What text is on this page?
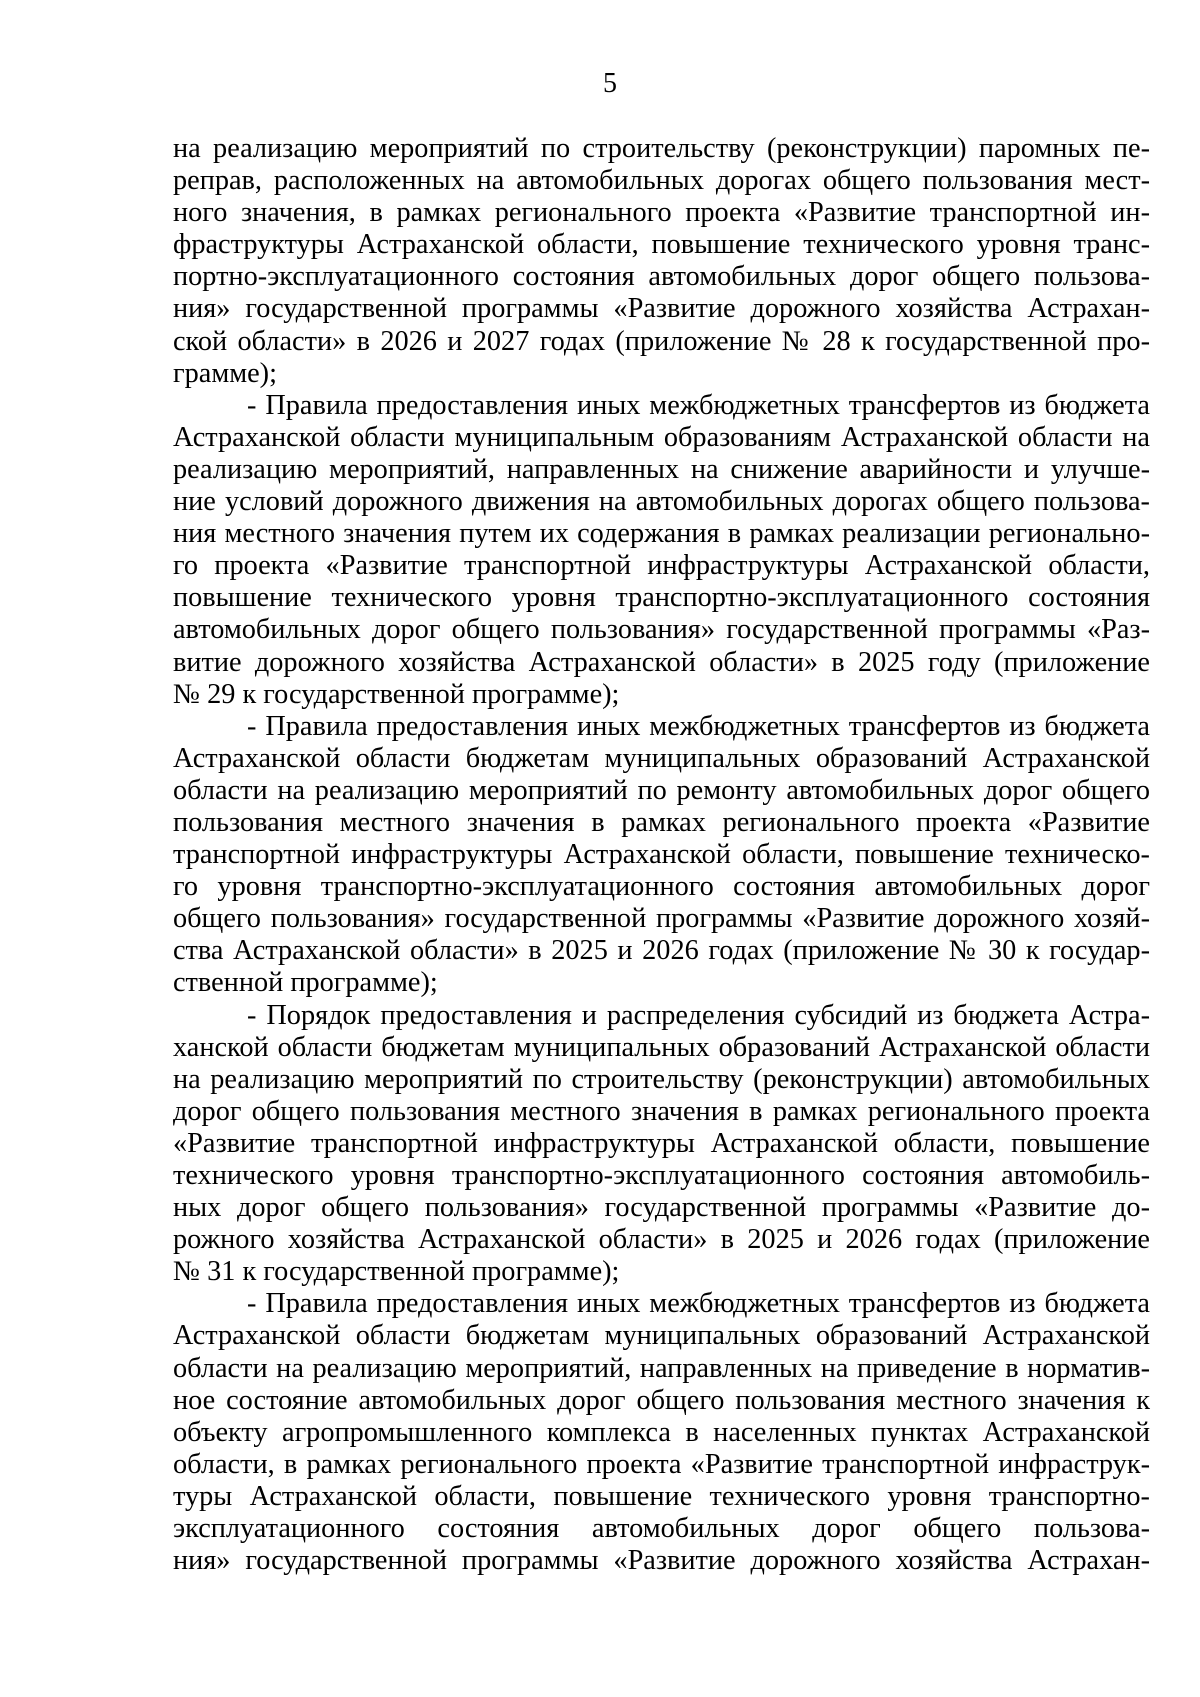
5
на реализацию мероприятий по строительству (реконструкции) паромных пе-
реправ, расположенных на автомобильных дорогах общего пользования мест-
ного значения, в рамках регионального проекта «Развитие транспортной ин-
фраструктуры Астраханской области, повышение технического уровня транс-
портно-эксплуатационного состояния автомобильных дорог общего пользова-
ния» государственной программы «Развитие дорожного хозяйства Астрахан-
ской области» в 2026 и 2027 годах (приложение № 28 к государственной про-
грамме);
- Правила предоставления иных межбюджетных трансфертов из бюджета
Астраханской области муниципальным образованиям Астраханской области на
реализацию мероприятий, направленных на снижение аварийности и улучше-
ние условий дорожного движения на автомобильных дорогах общего пользова-
ния местного значения путем их содержания в рамках реализации регионально-
го проекта «Развитие транспортной инфраструктуры Астраханской области,
повышение технического уровня транспортно-эксплуатационного состояния
автомобильных дорог общего пользования» государственной программы «Раз-
витие дорожного хозяйства Астраханской области» в 2025 году (приложение
№ 29 к государственной программе);
- Правила предоставления иных межбюджетных трансфертов из бюджета
Астраханской области бюджетам муниципальных образований Астраханской
области на реализацию мероприятий по ремонту автомобильных дорог общего
пользования местного значения в рамках регионального проекта «Развитие
транспортной инфраструктуры Астраханской области, повышение техническо-
го уровня транспортно-эксплуатационного состояния автомобильных дорог
общего пользования» государственной программы «Развитие дорожного хозяй-
ства Астраханской области» в 2025 и 2026 годах (приложение № 30 к государ-
ственной программе);
- Порядок предоставления и распределения субсидий из бюджета Астра-
ханской области бюджетам муниципальных образований Астраханской области
на реализацию мероприятий по строительству (реконструкции) автомобильных
дорог общего пользования местного значения в рамках регионального проекта
«Развитие транспортной инфраструктуры Астраханской области, повышение
технического уровня транспортно-эксплуатационного состояния автомобиль-
ных дорог общего пользования» государственной программы «Развитие до-
рожного хозяйства Астраханской области» в 2025 и 2026 годах (приложение
№ 31 к государственной программе);
- Правила предоставления иных межбюджетных трансфертов из бюджета
Астраханской области бюджетам муниципальных образований Астраханской
области на реализацию мероприятий, направленных на приведение в норматив-
ное состояние автомобильных дорог общего пользования местного значения к
объекту агропромышленного комплекса в населенных пунктах Астраханской
области, в рамках регионального проекта «Развитие транспортной инфраструк-
туры Астраханской области, повышение технического уровня транспортно-
эксплуатационного состояния автомобильных дорог общего пользова-
ния» государственной программы «Развитие дорожного хозяйства Астрахан-
